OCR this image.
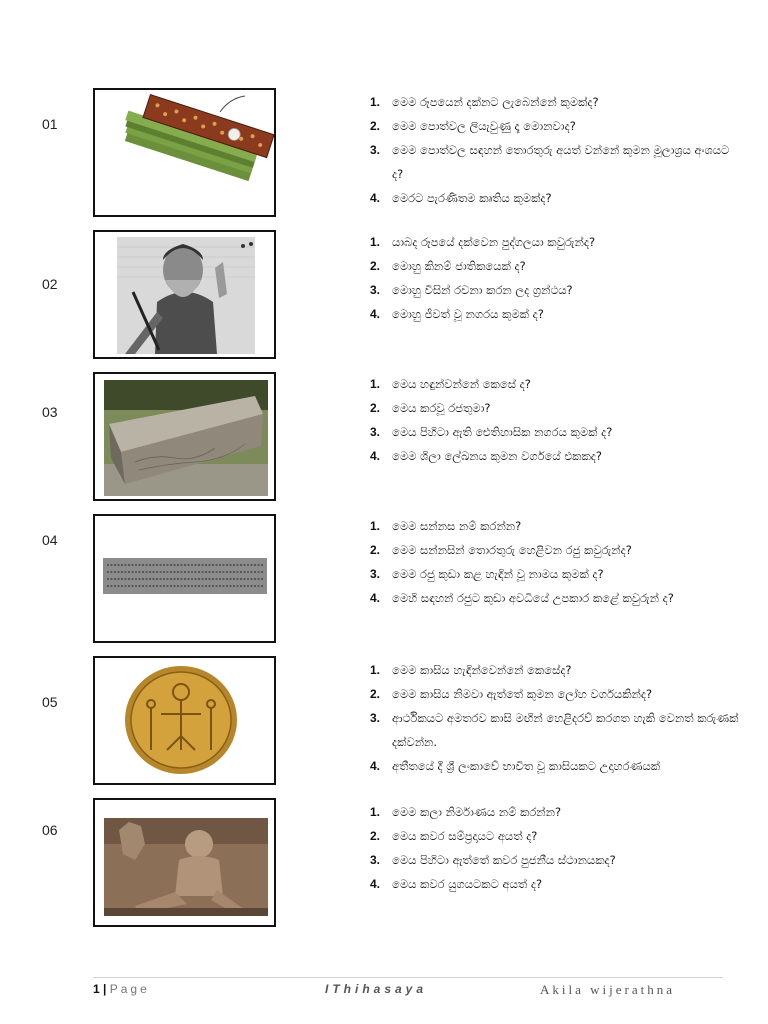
01
1. මෙම රූපයෙන් දක්නට ලැබෙන්නේ කුමක්ද?
2. මෙම පොත්වල ලියැවුණු දෑ මොනවාද?
3. මෙම පොත්වල සඳහන් තොරතුරු අයත් වන්නේ කුමන මූලාශ්‍රය අංශයට ද?
4. මෙරට පැරණිතම කෘතිය කුමක්ද?
02
1. යාබද රූපයේ දක්වෙන පුද්ගලයා කවුරුන්ද?
2. මොහු කිනම් ජාතිකයෙක් ද?
3. මොහු විසින් රචනා කරන ලද ග්‍රන්ථය?
4. මොහු ජීවත් වූ නගරය කුමක් ද?
03
1. මෙය හඳුන්වන්නේ කෙසේ ද?
2. මෙය කරවූ රජතුමා?
3. මෙය පිහිටා ඇති ඓතිහාසික නගරය කුමක් ද?
4. මෙම ශිලා ලේඛනය කුමන වර්ගයේ එකකද?
04
1. මෙම සන්නස නම් කරන්න?
2. මෙම සන්නසින් තොරතුරු හෙළිවන රජු කවුරුන්ද?
3. මෙම රජු කුඩා කළ හැඳින් වූ නාමය කුමක් ද?
4. මෙහි සඳහන් රජුට කුඩා අවධියේ උපකාර කළේ කවුරුන් ද?
05
1. මෙම කාසිය හැඳින්වෙන්නේ කෙසේද?
2. මෙම කාසිය නිමවා ඇත්තේ කුමන ලෝහ වර්ගයකින්ද?
3. ආර්ථිකයට අමතරව කාසි මඟින් හෙළිදරව් කරගත හැකි වෙනත් කරුණක් දක්වන්න.
4. අතීතයේ දී ශ්‍රී ලංකාවේ භාවිත වූ කාසියකට උදාහරණයක්
06
1. මෙම කලා නිර්මාණය නම් කරන්න?
2. මෙය කවර සම්ප්‍රදායට අයත් ද?
3. මෙය පිහිටා ඇත්තේ කවර පුජනීය ස්ථානයකද?
4. මෙය කවර යුගයටකට අයත් ද?
1 | Page	IThihasaya	Akila wijerathna
